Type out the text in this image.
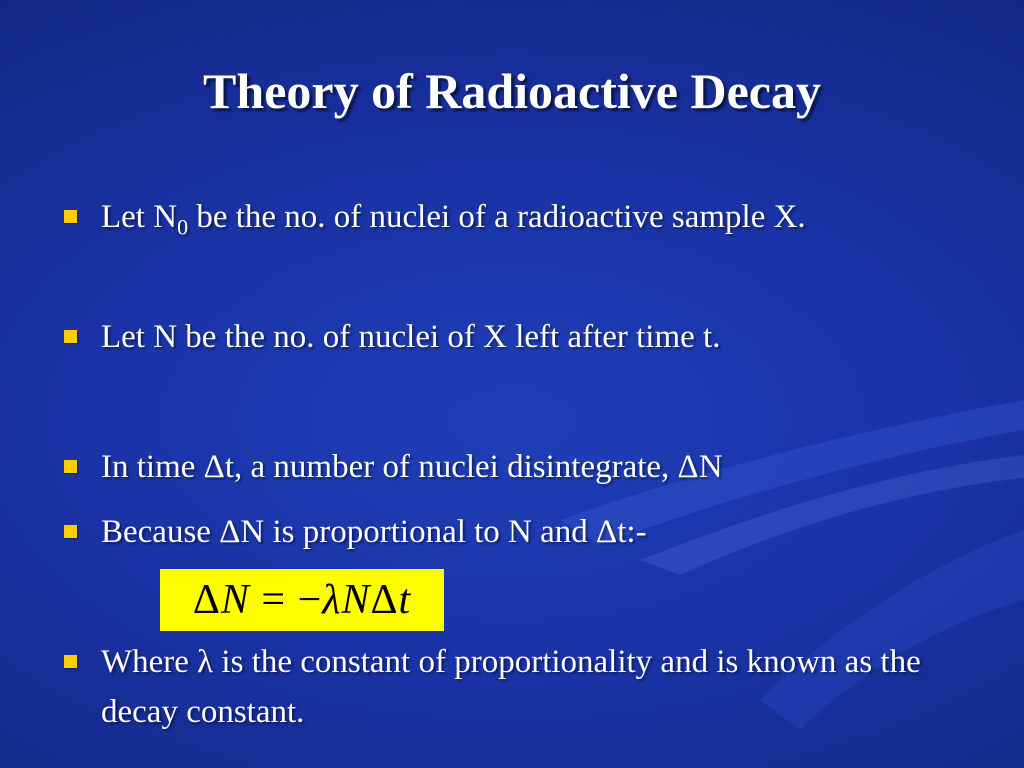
Theory of Radioactive Decay
Let $N_0$ be the no. of nuclei of a radioactive sample X.
Let N be the no. of nuclei of X left after time t.
In time Δt, a number of nuclei disintegrate, ΔN
Because ΔN is proportional to N and Δt:-
Δ N = − λ N Δ t
Where λ is the constant of proportionality and is known as the decay constant.
